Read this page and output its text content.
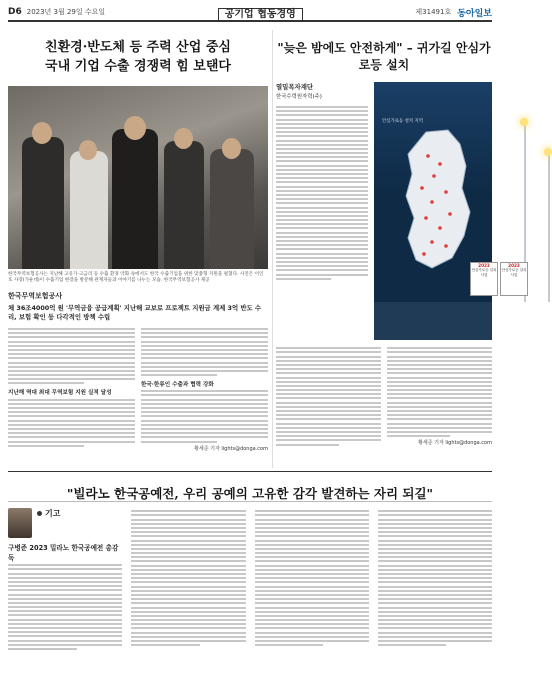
D6 2023년 3월 29일 수요일	공기업 협동경영	제31491호 동아일보
친환경·반도체 등 주력 산업 중심
국내 기업 수출 경쟁력 힘 보탠다
한국무역보험공사는 지난해 고유가·고금리 등 수출 환경 악화 속에서도 한국 수출기업을 위한 맞춤형 지원을 펼쳤다. 사진은 이인호 사장(가운데)이 수출기업 현장을 방문해 관계자들과 이야기를 나누는 모습. 한국무역보험공사 제공
한국무역보험공사
체 36조4000억 원 '무역금융 공급계획' 지난해 교보로 프로젝트 지원금 계제 3억 반도 수리, 보험 확인 등 다각적인 방책 수립
지난해 역대 최대 무역보험 지원 실적 달성
한국·한류인 수출과 협력 강화
황세준 기자 lights@donga.com
"늦은 밤에도 안전하게" – 귀가길 안심가로등 설치
열밀목자재단
한국수력원자력(주)
안심가로등 설치 지역
2023
안심가로등 설치사업
2023
안심가로등 설치사업
황세준 기자 lights@donga.com
"빌라노 한국공예전, 우리 공예의 고유한 감각 발견하는 자리 되길"
기고
구병준 2023 밀라노 한국공예전 총감독
